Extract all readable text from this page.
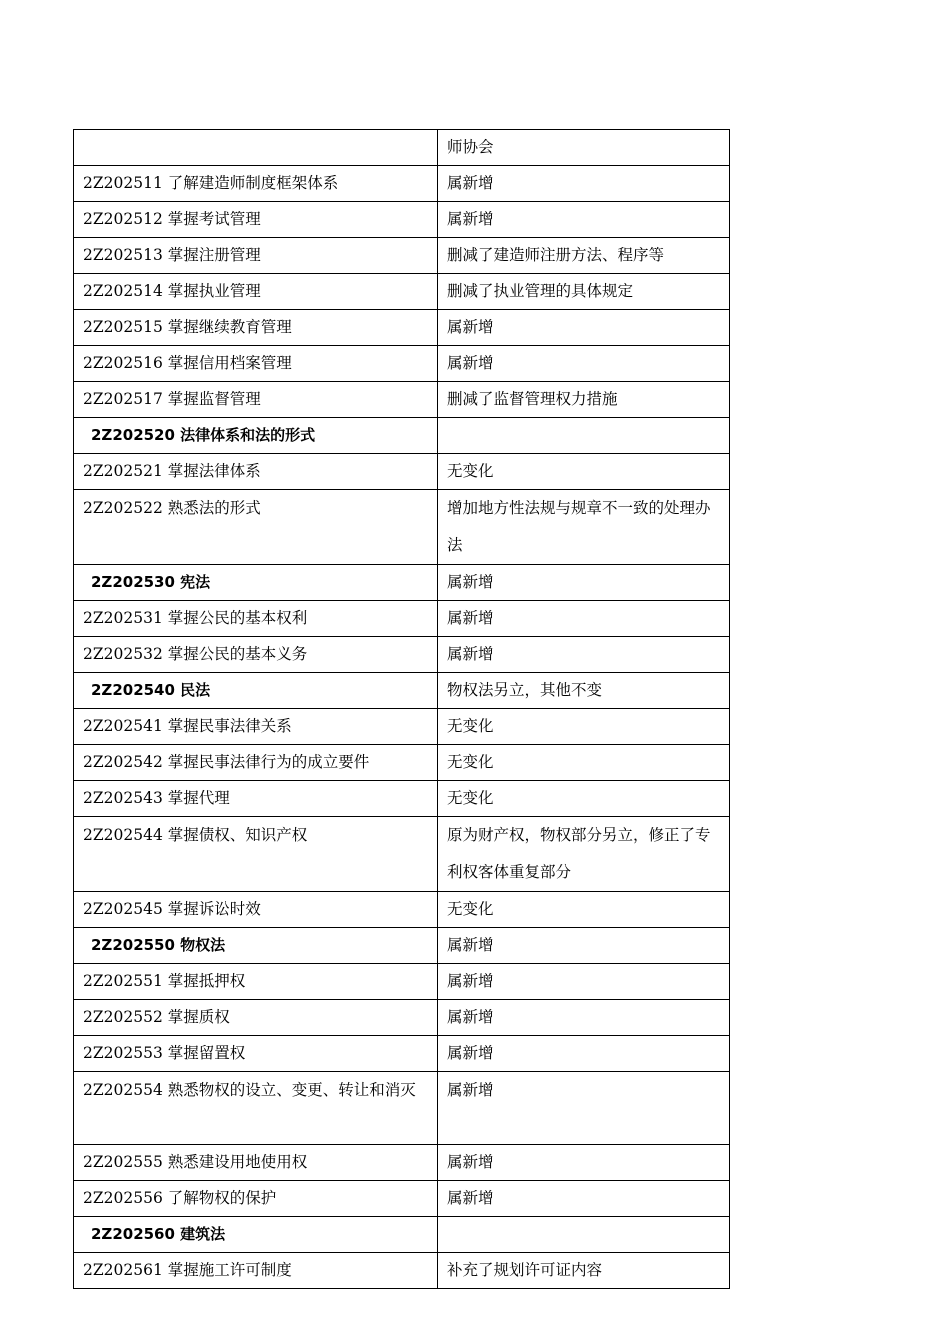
	师协会
2Z202511 了解建造师制度框架体系	属新增
2Z202512 掌握考试管理	属新增
2Z202513 掌握注册管理	删减了建造师注册方法、程序等
2Z202514 掌握执业管理	删减了执业管理的具体规定
2Z202515 掌握继续教育管理	属新增
2Z202516 掌握信用档案管理	属新增
2Z202517 掌握监督管理	删减了监督管理权力措施
2Z202520 法律体系和法的形式	
2Z202521 掌握法律体系	无变化
2Z202522 熟悉法的形式	增加地方性法规与规章不一致的处理办法
2Z202530 宪法	属新增
2Z202531 掌握公民的基本权利	属新增
2Z202532 掌握公民的基本义务	属新增
2Z202540 民法	物权法另立，其他不变
2Z202541 掌握民事法律关系	无变化
2Z202542 掌握民事法律行为的成立要件	无变化
2Z202543 掌握代理	无变化
2Z202544 掌握债权、知识产权	原为财产权，物权部分另立，修正了专利权客体重复部分
2Z202545 掌握诉讼时效	无变化
2Z202550 物权法	属新增
2Z202551 掌握抵押权	属新增
2Z202552 掌握质权	属新增
2Z202553 掌握留置权	属新增
2Z202554 熟悉物权的设立、变更、转让和消灭	属新增
2Z202555 熟悉建设用地使用权	属新增
2Z202556 了解物权的保护	属新增
2Z202560 建筑法	
2Z202561 掌握施工许可制度	补充了规划许可证内容
